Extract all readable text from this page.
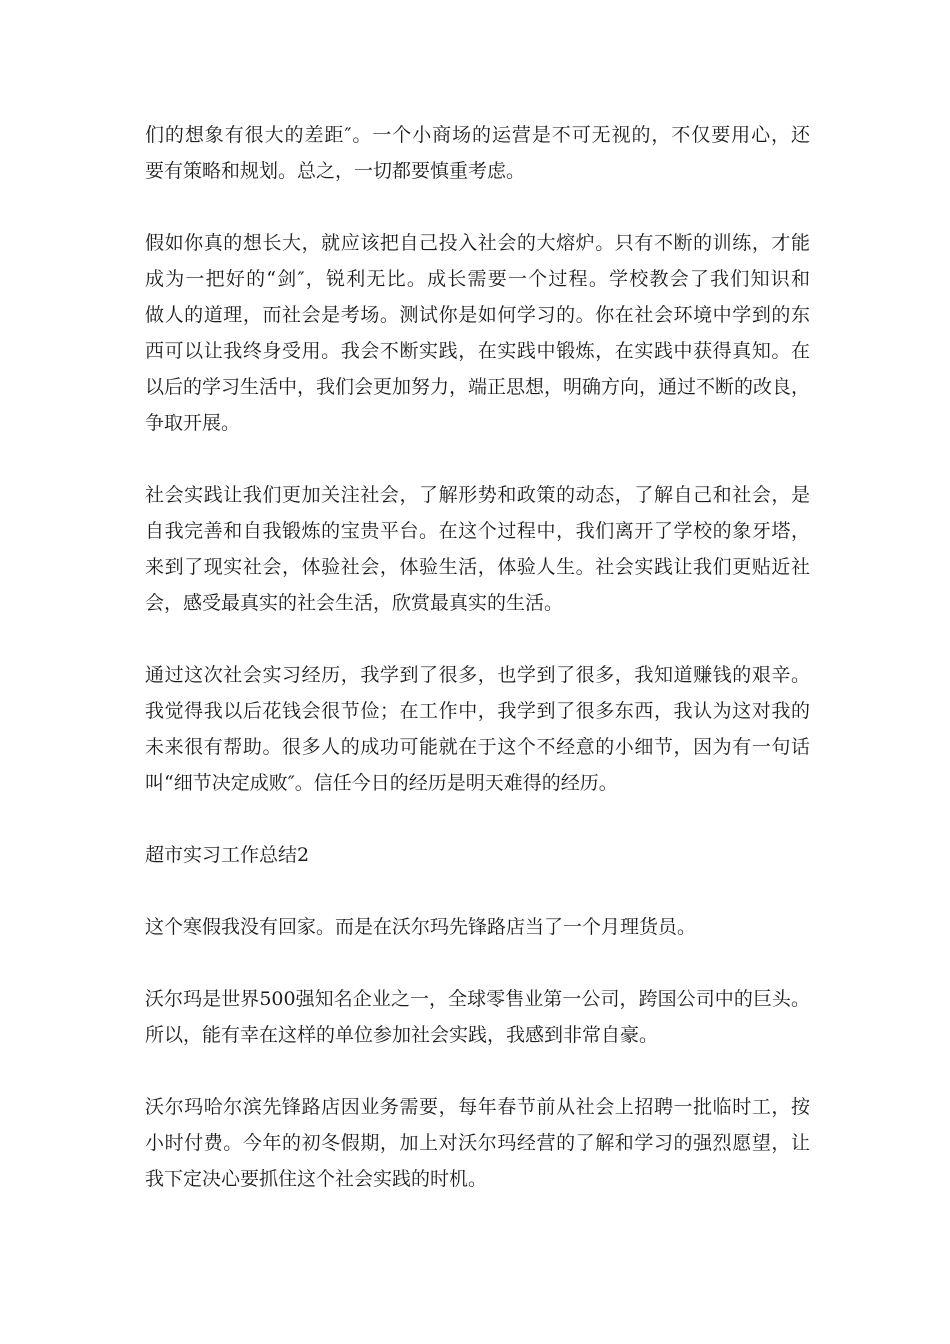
们的想象有很大的差距″。一个小商场的运营是不可无视的，不仅要用心，还
要有策略和规划。总之，一切都要慎重考虑。
假如你真的想长大，就应该把自己投入社会的大熔炉。只有不断的训练，才能
成为一把好的“剑″，锐利无比。成长需要一个过程。学校教会了我们知识和
做人的道理，而社会是考场。测试你是如何学习的。你在社会环境中学到的东
西可以让我终身受用。我会不断实践，在实践中锻炼，在实践中获得真知。在
以后的学习生活中，我们会更加努力，端正思想，明确方向，通过不断的改良，
争取开展。
社会实践让我们更加关注社会，了解形势和政策的动态，了解自己和社会，是
自我完善和自我锻炼的宝贵平台。在这个过程中，我们离开了学校的象牙塔，
来到了现实社会，体验社会，体验生活，体验人生。社会实践让我们更贴近社
会，感受最真实的社会生活，欣赏最真实的生活。
通过这次社会实习经历，我学到了很多，也学到了很多，我知道赚钱的艰辛。
我觉得我以后花钱会很节俭；在工作中，我学到了很多东西，我认为这对我的
未来很有帮助。很多人的成功可能就在于这个不经意的小细节，因为有一句话
叫“细节决定成败″。信任今日的经历是明天难得的经历。
超市实习工作总结2
这个寒假我没有回家。而是在沃尔玛先锋路店当了一个月理货员。
沃尔玛是世界500强知名企业之一，全球零售业第一公司，跨国公司中的巨头。
所以，能有幸在这样的单位参加社会实践，我感到非常自豪。
沃尔玛哈尔滨先锋路店因业务需要，每年春节前从社会上招聘一批临时工，按
小时付费。今年的初冬假期，加上对沃尔玛经营的了解和学习的强烈愿望，让
我下定决心要抓住这个社会实践的时机。
